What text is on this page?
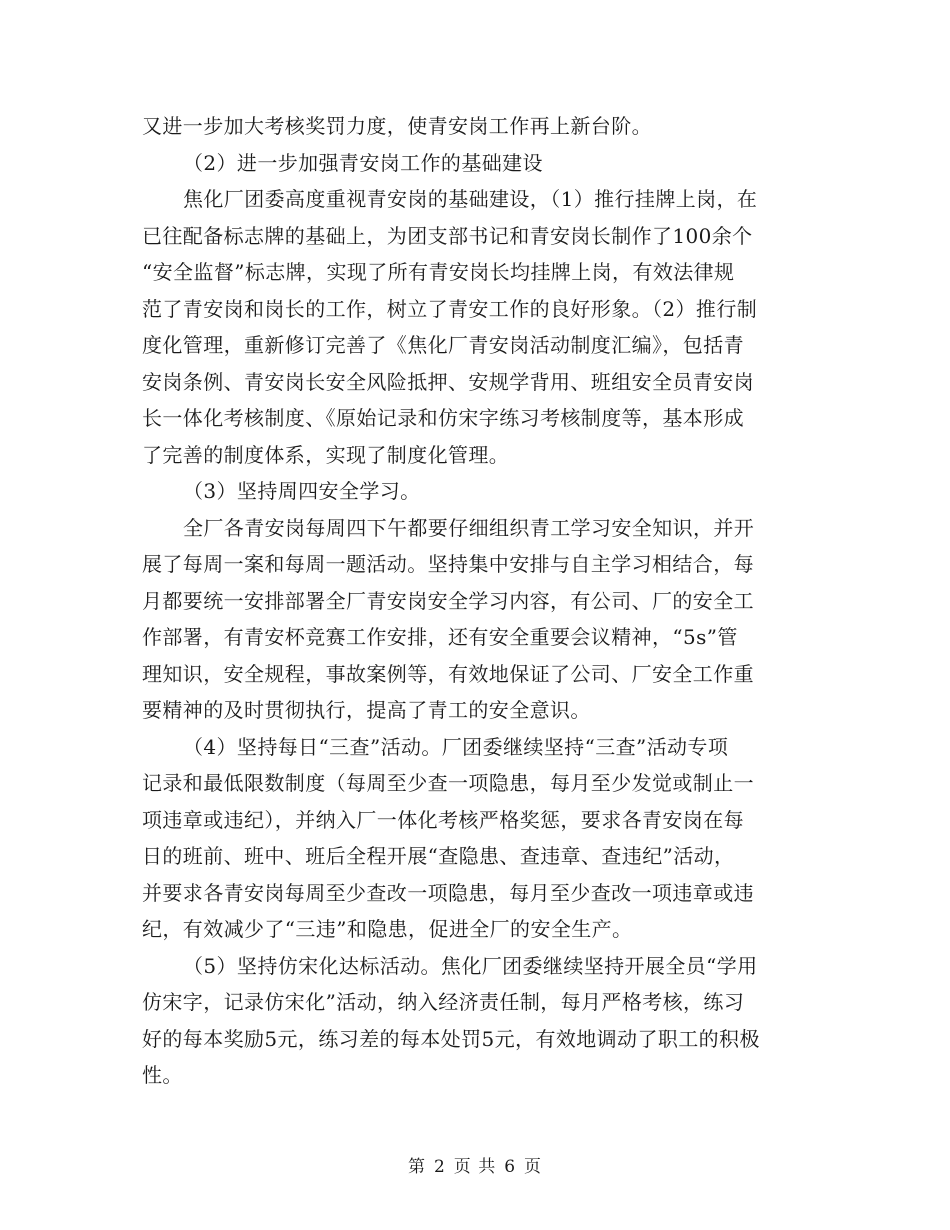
又进一步加大考核奖罚力度，使青安岗工作再上新台阶。
（2）进一步加强青安岗工作的基础建设
焦化厂团委高度重视青安岗的基础建设，（1）推行挂牌上岗，在
已往配备标志牌的基础上，为团支部书记和青安岗长制作了100余个
“安全监督”标志牌，实现了所有青安岗长均挂牌上岗，有效法律规
范了青安岗和岗长的工作，树立了青安工作的良好形象。（2）推行制
度化管理，重新修订完善了《焦化厂青安岗活动制度汇编》，包括青
安岗条例、青安岗长安全风险抵押、安规学背用、班组安全员青安岗
长一体化考核制度、《原始记录和仿宋字练习考核制度等，基本形成
了完善的制度体系，实现了制度化管理。
（3）坚持周四安全学习。
全厂各青安岗每周四下午都要仔细组织青工学习安全知识，并开
展了每周一案和每周一题活动。坚持集中安排与自主学习相结合，每
月都要统一安排部署全厂青安岗安全学习内容，有公司、厂的安全工
作部署，有青安杯竞赛工作安排，还有安全重要会议精神，“5s”管
理知识，安全规程，事故案例等，有效地保证了公司、厂安全工作重
要精神的及时贯彻执行，提高了青工的安全意识。
（4）坚持每日“三查”活动。厂团委继续坚持“三查”活动专项
记录和最低限数制度（每周至少查一项隐患，每月至少发觉或制止一
项违章或违纪），并纳入厂一体化考核严格奖惩，要求各青安岗在每
日的班前、班中、班后全程开展“查隐患、查违章、查违纪”活动，
并要求各青安岗每周至少查改一项隐患，每月至少查改一项违章或违
纪，有效减少了“三违”和隐患，促进全厂的安全生产。
（5）坚持仿宋化达标活动。焦化厂团委继续坚持开展全员“学用
仿宋字，记录仿宋化”活动，纳入经济责任制，每月严格考核，练习
好的每本奖励5元，练习差的每本处罚5元，有效地调动了职工的积极
性。
第 2 页 共 6 页
